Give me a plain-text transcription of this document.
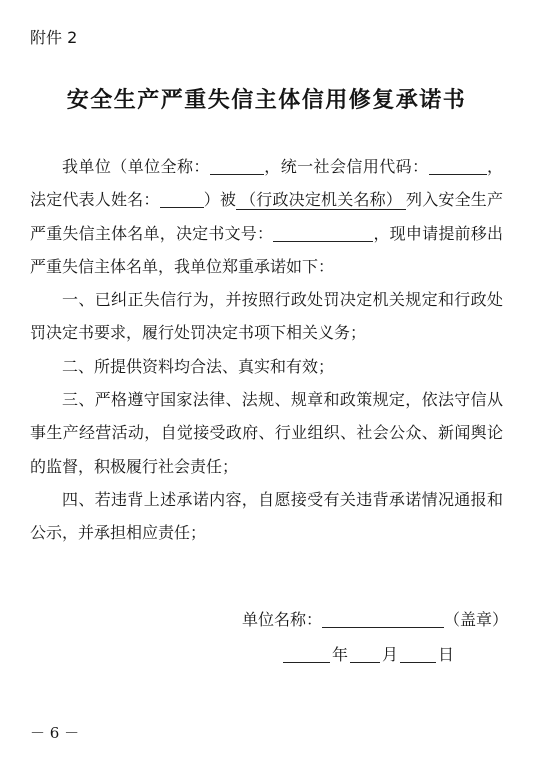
附件 2
安全生产严重失信主体信用修复承诺书
我单位（单位全称：	，统一社会信用代码：	，
法定代表人姓名：	）被 （行政决定机关名称） 列入安全生产
严重失信主体名单，决定书文号：	，现申请提前移出
严重失信主体名单，我单位郑重承诺如下：
一、已纠正失信行为，并按照行政处罚决定机关规定和行政处
罚决定书要求，履行处罚决定书项下相关义务；
二、所提供资料均合法、真实和有效；
三、严格遵守国家法律、法规、规章和政策规定，依法守信从
事生产经营活动，自觉接受政府、行业组织、社会公众、新闻舆论
的监督，积极履行社会责任；
四、若违背上述承诺内容，自愿接受有关违背承诺情况通报和
公示，并承担相应责任；
单位名称：	（盖章）
年 月	日
－ 6 －
